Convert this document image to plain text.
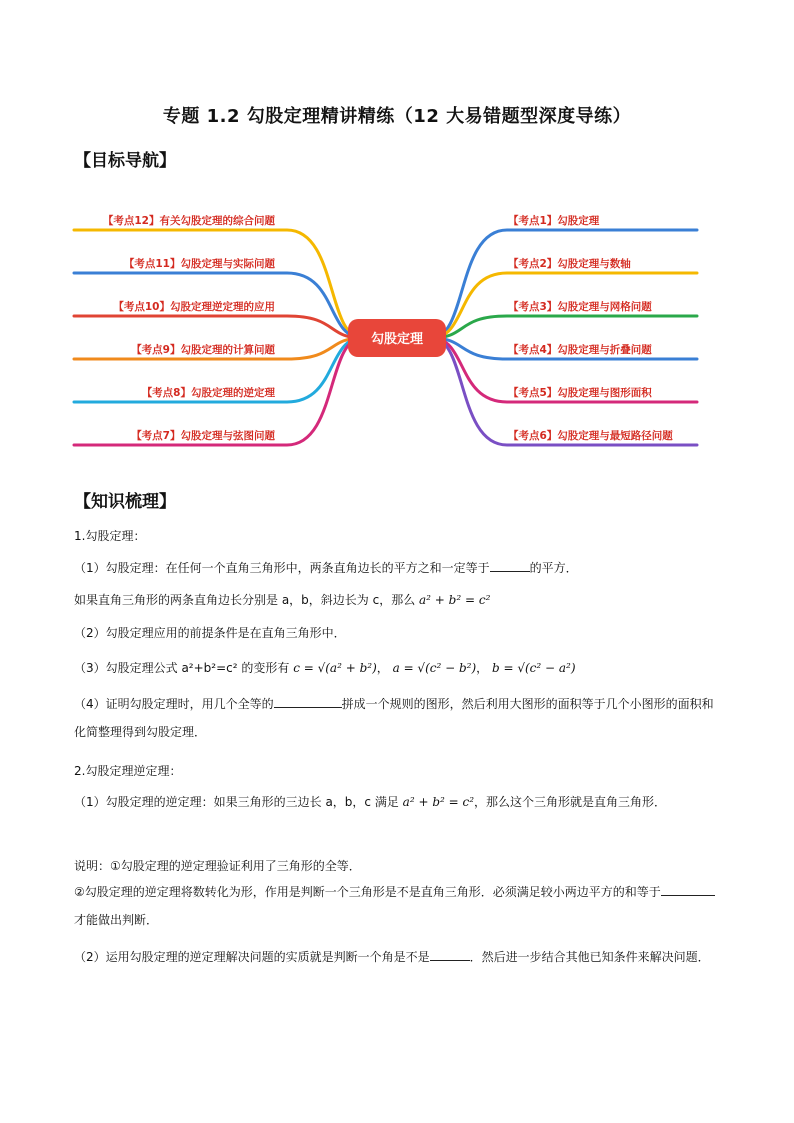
专题 1.2 勾股定理精讲精练（12 大易错题型深度导练）
【目标导航】
【考点12】有关勾股定理的综合问题
【考点11】勾股定理与实际问题
【考点10】勾股定理逆定理的应用
【考点9】勾股定理的计算问题
【考点8】勾股定理的逆定理
【考点7】勾股定理与弦图问题
【考点1】勾股定理
【考点2】勾股定理与数轴
【考点3】勾股定理与网格问题
【考点4】勾股定理与折叠问题
【考点5】勾股定理与图形面积
【考点6】勾股定理与最短路径问题
勾股定理
【知识梳理】
1.勾股定理：
（1）勾股定理：在任何一个直角三角形中，两条直角边长的平方之和一定等于	的平方．
如果直角三角形的两条直角边长分别是 a，b，斜边长为 c，那么 a² + b² = c²
（2）勾股定理应用的前提条件是在直角三角形中．
（3）勾股定理公式 a²+b²=c² 的变形有 c = √(a² + b²)， a = √(c² − b²)， b = √(c² − a²)
（4）证明勾股定理时，用几个全等的	拼成一个规则的图形，然后利用大图形的面积等于几个小图形的面积和化简整理得到勾股定理．
2.勾股定理逆定理：
（1）勾股定理的逆定理：如果三角形的三边长 a，b，c 满足 a² + b² = c²，那么这个三角形就是直角三角形．
说明：①勾股定理的逆定理验证利用了三角形的全等．
②勾股定理的逆定理将数转化为形，作用是判断一个三角形是不是直角三角形．必须满足较小两边平方的和等于才能做出判断．
（2）运用勾股定理的逆定理解决问题的实质就是判断一个角是不是	．然后进一步结合其他已知条件来解决问题．
